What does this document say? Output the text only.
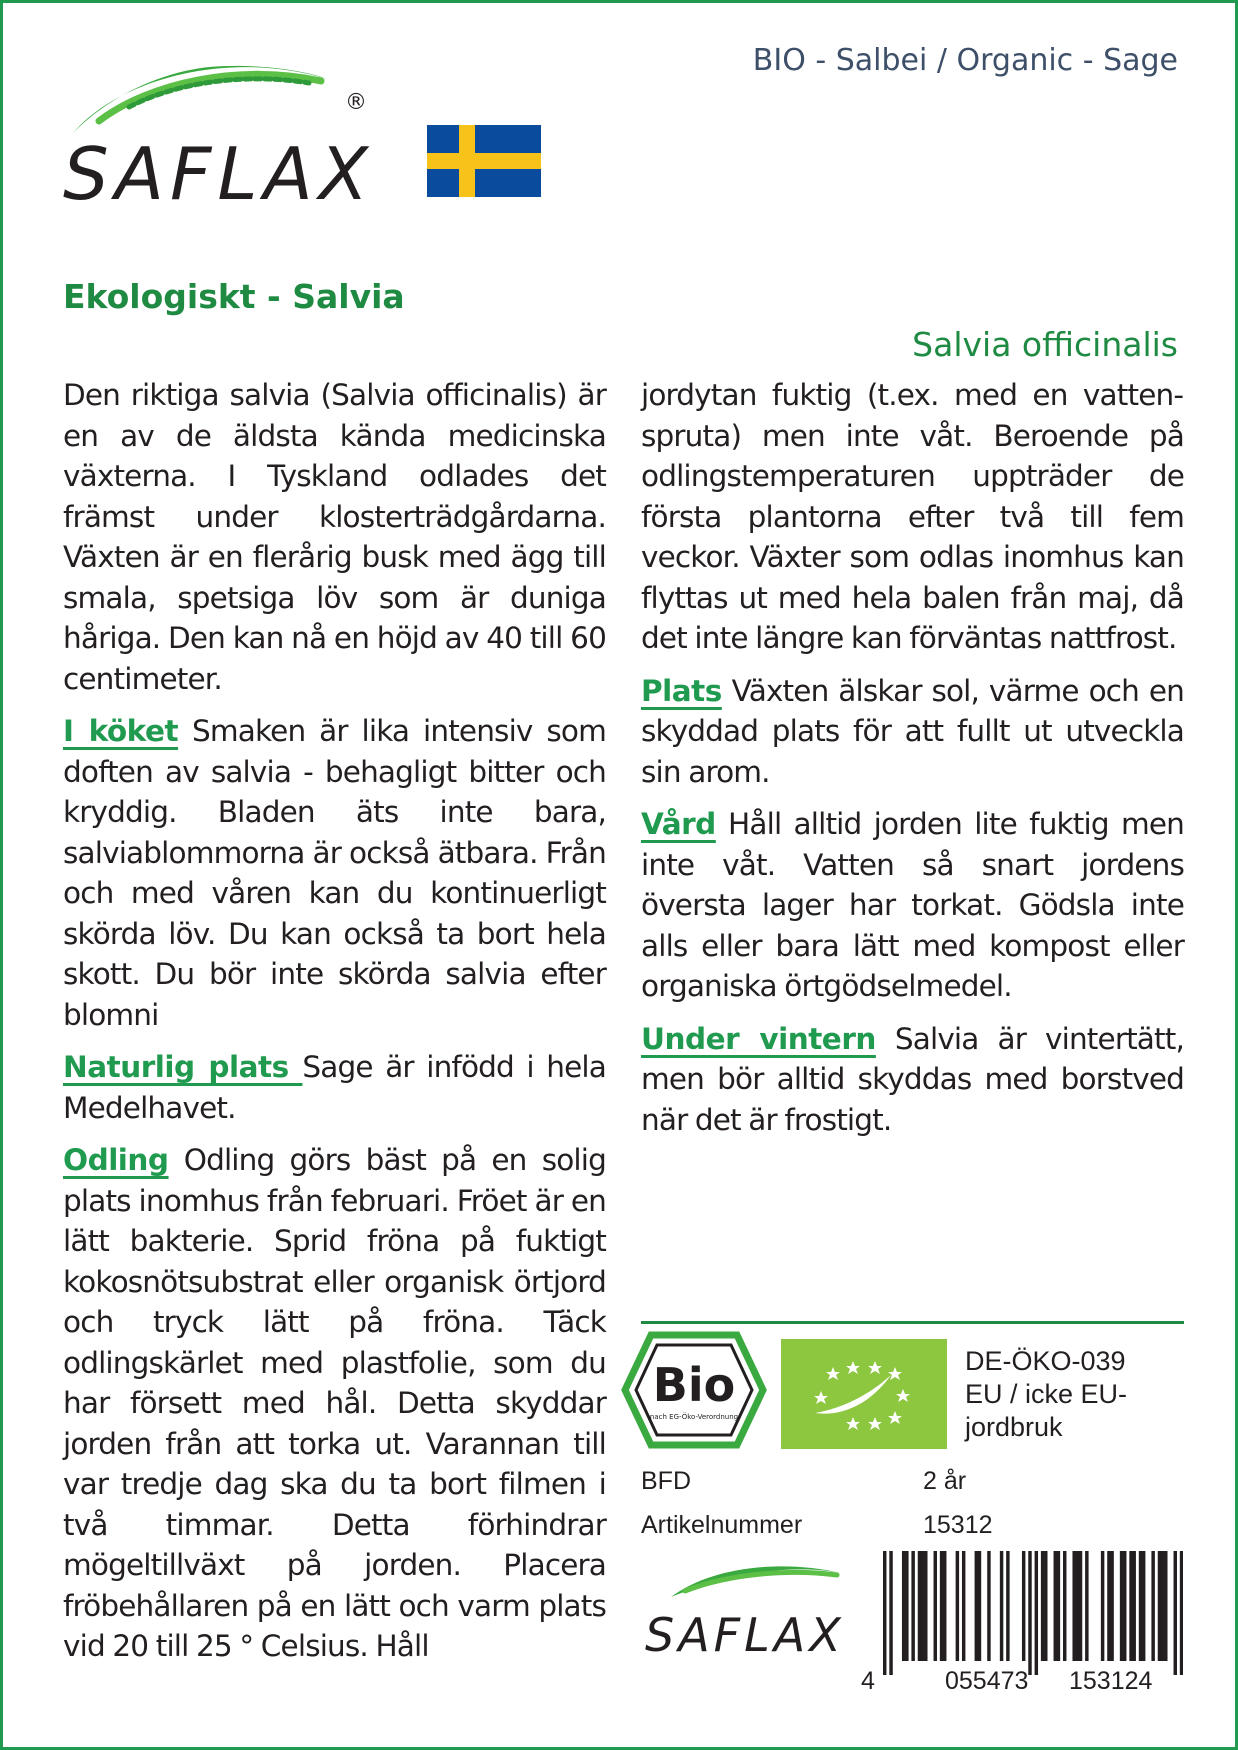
SAFLAX
®
BIO - Salbei / Organic - Sage
Ekologiskt - Salvia
Salvia officinalis

Den riktiga salvia (Salvia officinalis) är en av de äldsta kända medicinska växterna. I Tyskland odlades det främst under klosterträdgårdarna. Växten är en flerårig busk med ägg till smala, spetsiga löv som är duniga håriga. Den kan nå en höjd av 40 till 60 centimeter.

I köket Smaken är lika intensiv som doften av salvia - behagligt bitter och kryddig. Bladen äts inte bara, salviablommorna är också ätbara. Från och med våren kan du kontinuerligt skörda löv. Du kan också ta bort hela skott. Du bör inte skörda salvia efter blomni

Naturlig plats Sage är infödd i hela Medelhavet.

Odling Odling görs bäst på en solig plats inomhus från februari. Fröet är en lätt bakterie. Sprid fröna på fuktigt kokosnötsubstrat eller organisk örtjord och tryck lätt på fröna. Täck odlingskärlet med plastfolie, som du har försett med hål. Detta skyddar jorden från att torka ut. Varannan till var tredje dag ska du ta bort filmen i två timmar. Detta förhindrar mögeltillväxt på jorden. Placera fröbehållaren på en lätt och varm plats vid 20 till 25 ° Celsius. Håll

jordytan fuktig (t.ex. med en vattenspruta) men inte våt. Beroende på odlingstemperaturen uppträder de första plantorna efter två till fem veckor. Växter som odlas inomhus kan flyttas ut med hela balen från maj, då det inte längre kan förväntas nattfrost.

Plats Växten älskar sol, värme och en skyddad plats för att fullt ut utveckla sin arom.

Vård Håll alltid jorden lite fuktig men inte våt. Vatten så snart jordens översta lager har torkat. Gödsla inte alls eller bara lätt med kompost eller organiska örtgödselmedel.

Under vintern Salvia är vintertätt, men bör alltid skyddas med borstved när det är frostigt.

Bio
nach EG-Öko-Verordnung
DE-ÖKO-039
EU / icke EU-
jordbruk
BFD	2 år
Artikelnummer	15312
SAFLAX
4	055473 153124
